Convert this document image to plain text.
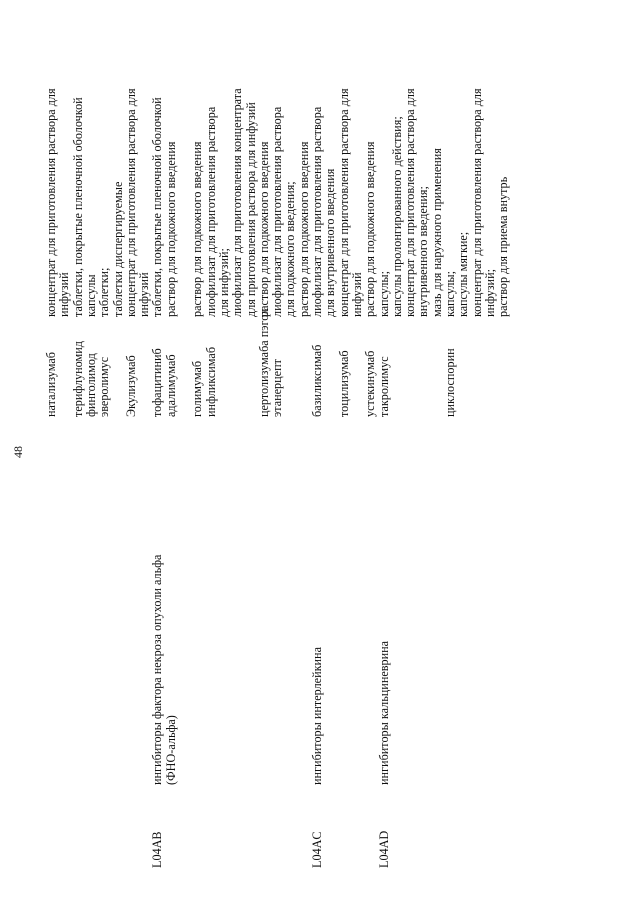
48
натализумаб
концентрат для приготовления раствора для инфузий
терифлуномид
таблетки, покрытые пленочной оболочкой
финголимод
капсулы
эверолимус
таблетки; таблетки диспергируемые
Экулизумаб
концентрат для приготовления раствора для инфузий
L04AB
ингибиторы фактора некроза опухоли альфа (ФНО-альфа)
тофацитиниб
таблетки, покрытые пленочной оболочкой
адалимумаб
раствор для подкожного введения
голимумаб
раствор для подкожного введения лиофилизат для приготовления раствора для инфузий;
инфликсимаб
лиофилизат для приготовления концентрата для приготовления раствора для инфузий
цертолизумаба пэгол
раствор для подкожного введения
этанерцепт
лиофилизат для приготовления раствора для подкожного введения; раствор для подкожного введения
L04AC
ингибиторы интерлейкина
базиликсимаб
лиофилизат для приготовления раствора для внутривенного введения
тоцилизумаб
концентрат для приготовления раствора для инфузий
устекинумаб
раствор для подкожного введения
L04AD
ингибиторы кальциневрина
такролимус
капсулы; капсулы пролонгированного действия; концентрат для приготовления раствора для внутривенного введения; мазь для наружного применения
циклоспорин
капсулы; капсулы мягкие; концентрат для приготовления раствора для инфузий; раствор для приема внутрь
